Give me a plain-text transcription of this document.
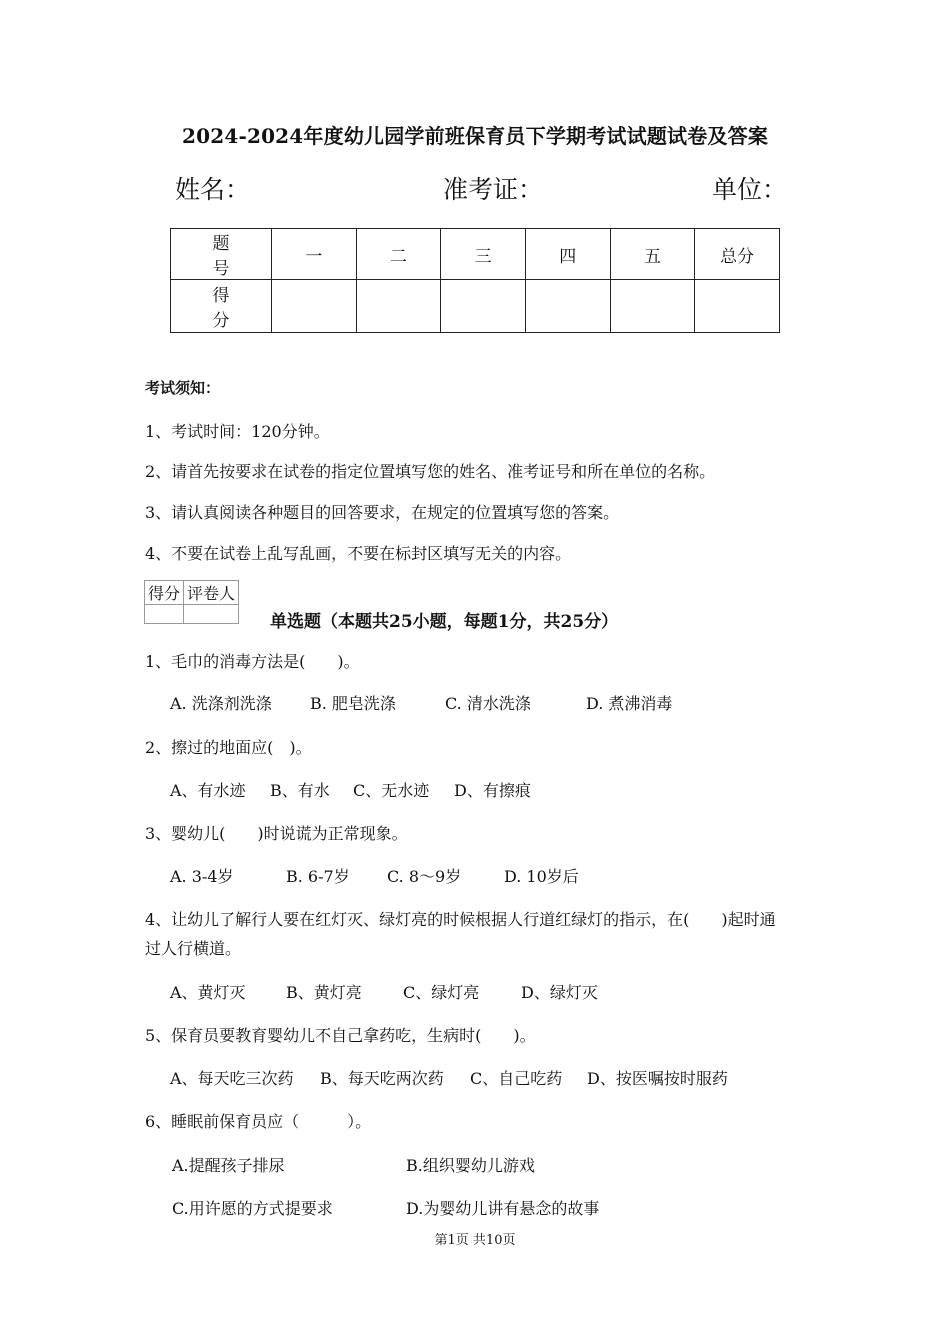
2024-2024年度幼儿园学前班保育员下学期考试试题试卷及答案
姓名：	准考证：	单位：
题　号	一	二	三	四	五	总分
得　分						
考试须知：
1、考试时间：120分钟。
2、请首先按要求在试卷的指定位置填写您的姓名、准考证号和所在单位的名称。
3、请认真阅读各种题目的回答要求，在规定的位置填写您的答案。
4、不要在试卷上乱写乱画，不要在标封区填写无关的内容。
得分	评卷人

单选题（本题共25小题，每题1分，共25分）
1、毛巾的消毒方法是(　　)。
A. 洗涤剂洗涤 B. 肥皂洗涤	C. 清水洗涤	D. 煮沸消毒
2、擦过的地面应(　)。
A、有水迹 B、有水 C、无水迹 D、有擦痕
3、婴幼儿(　　)时说谎为正常现象。
A. 3-4岁	B. 6-7岁 C. 8～9岁	D. 10岁后
4、让幼儿了解行人要在红灯灭、绿灯亮的时候根据人行道红绿灯的指示，在(　　)起时通
过人行横道。
A、黄灯灭	B、黄灯亮	C、绿灯亮	D、绿灯灭
5、保育员要教育婴幼儿不自己拿药吃，生病时(　　)。
A、每天吃三次药 B、每天吃两次药 C、自己吃药 D、按医嘱按时服药
6、睡眠前保育员应（　　　）。
A.提醒孩子排尿	B.组织婴幼儿游戏
C.用许愿的方式提要求	D.为婴幼儿讲有悬念的故事
第1页 共10页
